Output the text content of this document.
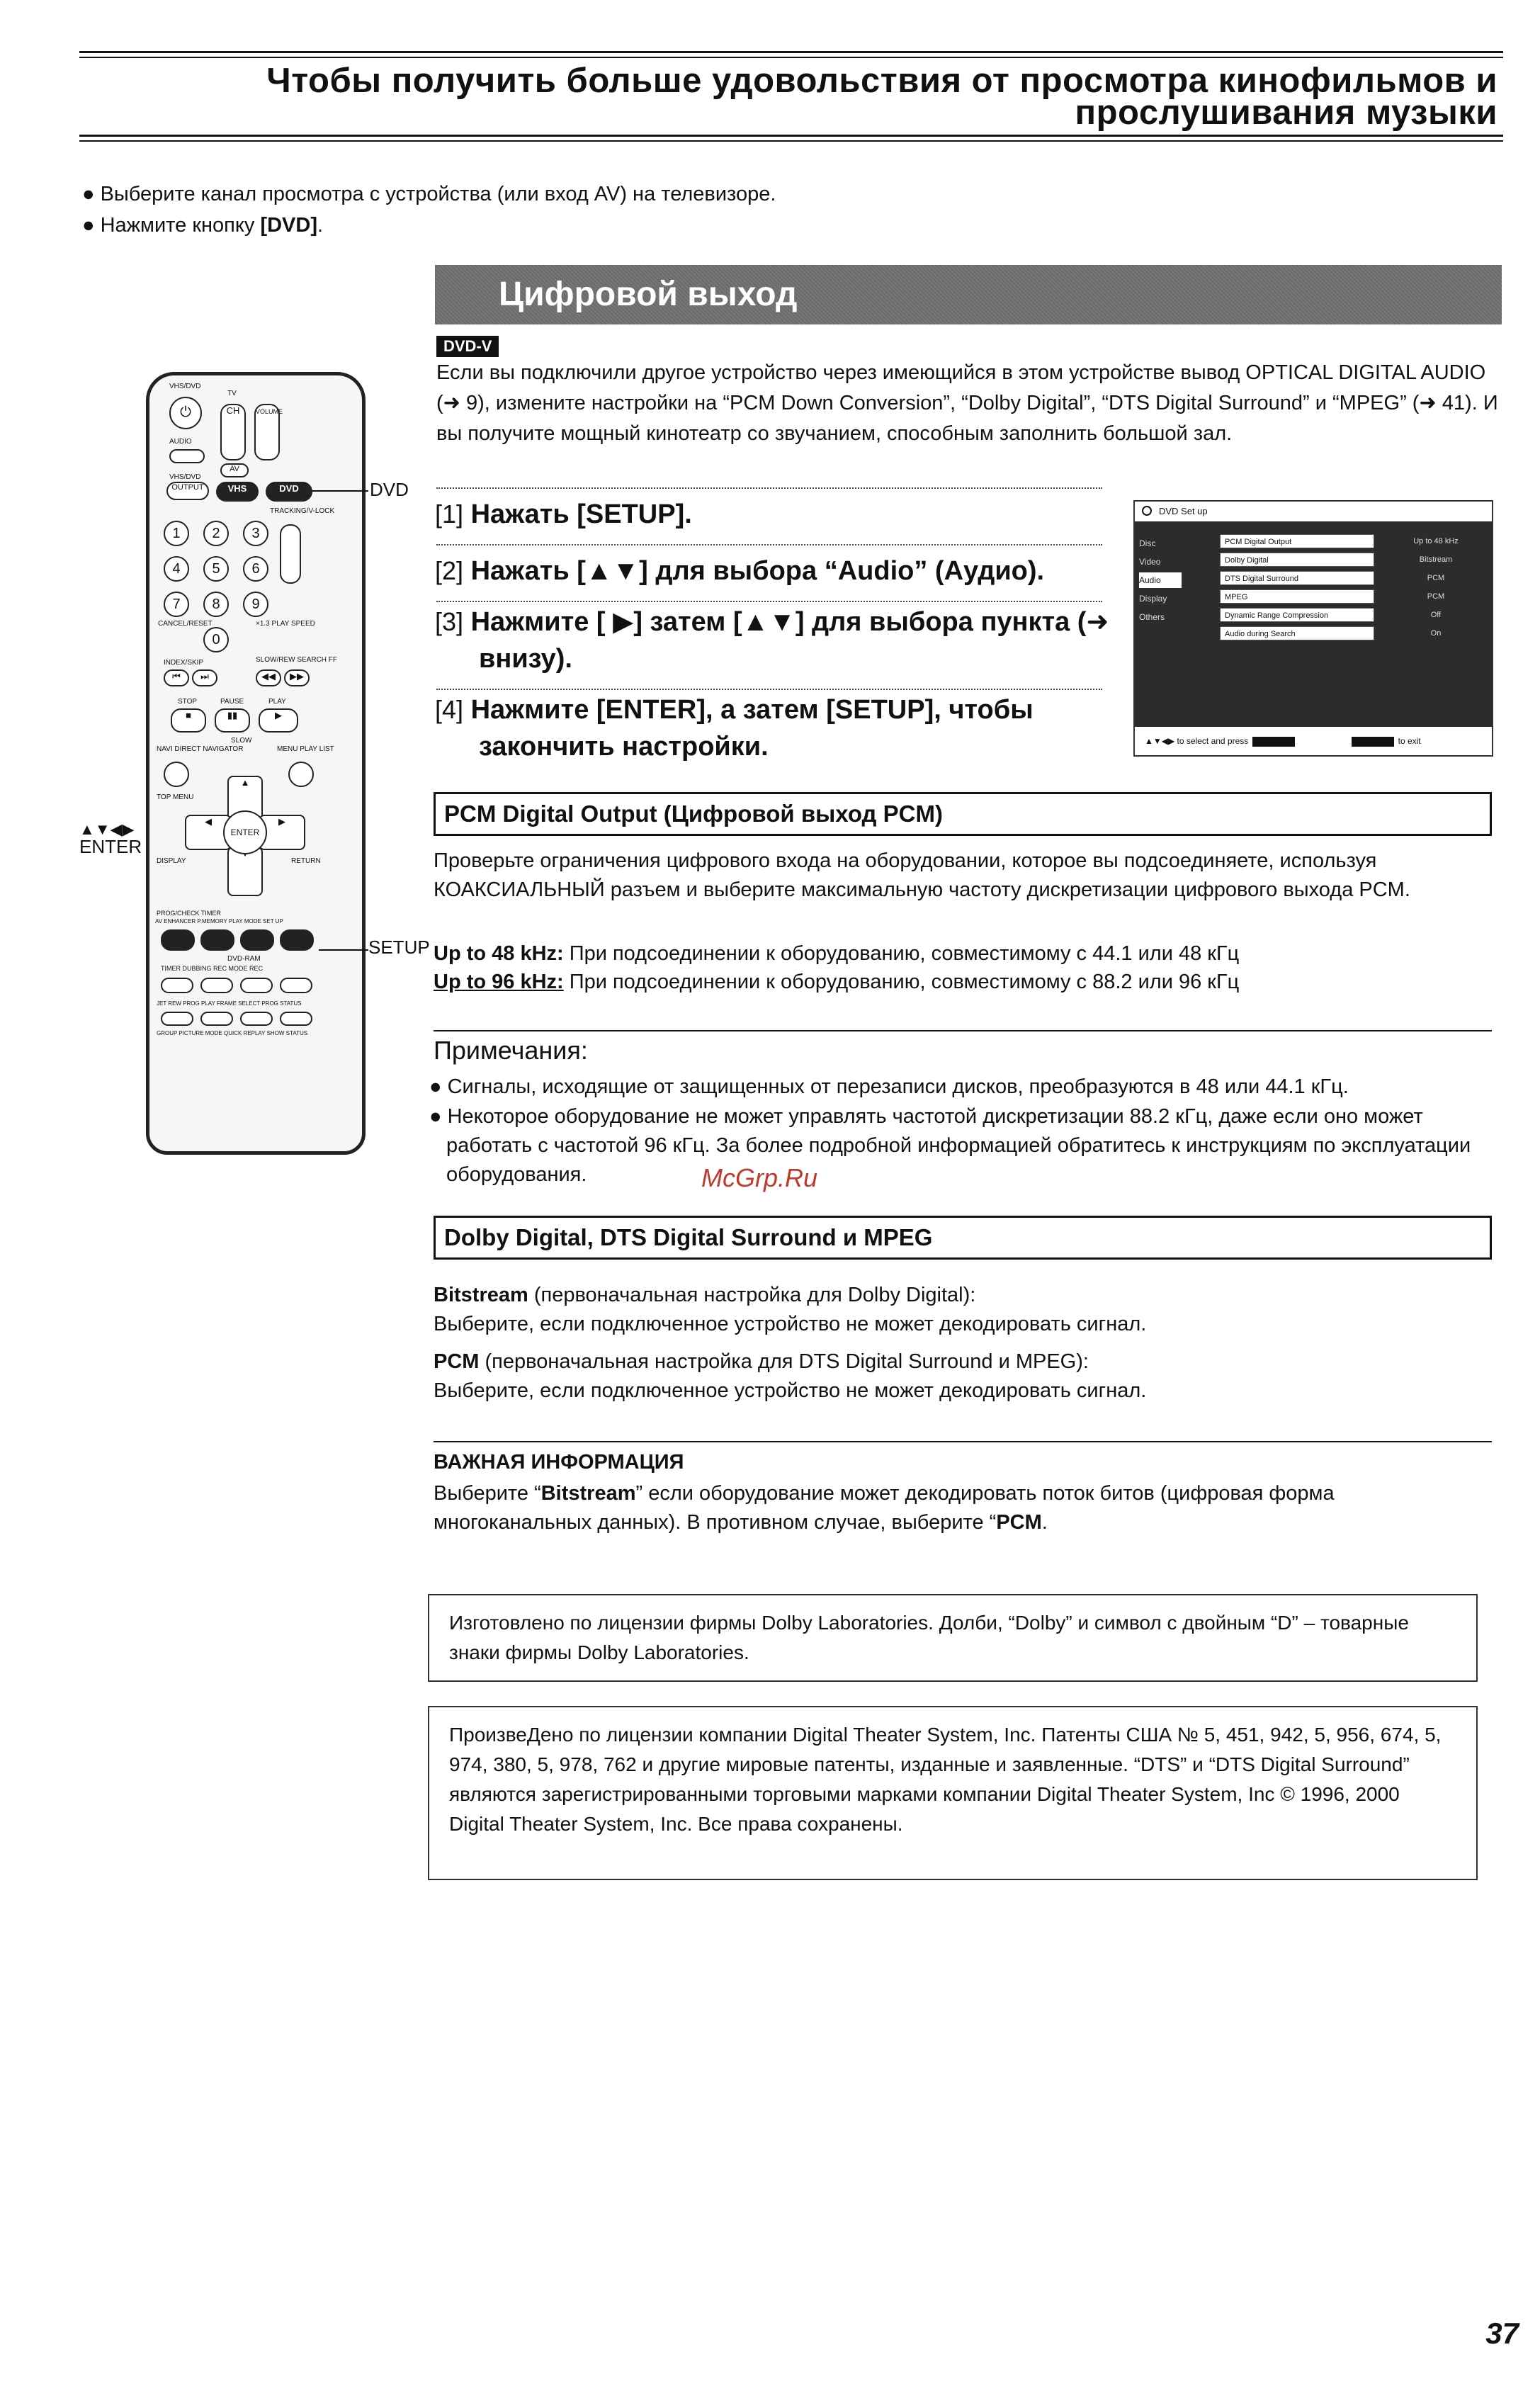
Чтобы получить больше удовольствия от просмотра кинофильмов и
прослушивания музыки
● Выберите канал просмотра с устройства (или вход AV) на телевизоре.
● Нажмите кнопку [DVD].
Цифровой выход
DVD-V
Если вы подключили другое устройство через имеющийся в этом устройстве вывод OPTICAL DIGITAL AUDIO (➜ 9), измените настройки на “PCM Down Conversion”, “Dolby Digital”, “DTS Digital Surround” и “MPEG” (➜ 41). И вы получите мощный кинотеатр со звучанием, способным заполнить большой зал.
[1] Нажать [SETUP].
[2] Нажать [▲▼] для выбора “Audio” (Аудио).
[3] Нажмите [ ▶] затем [▲▼] для выбора пункта (➜ внизу).
[4] Нажмите [ENTER], а затем [SETUP], чтобы закончить настройки.
DVD Set up
Disc
Video
Audio
Display
Others
PCM Digital Output	Up to 48 kHz
Dolby Digital	Bitstream
DTS Digital Surround	PCM
MPEG	PCM
Dynamic Range Compression	Off
Audio during Search	On
▲▼◀▶ to select and press	to exit
VHS/DVD
⏻
TV
CH	VOLUME
AUDIO
AV
VHS/DVD
OUTPUT	VHS	DVD
TRACKING/V-LOCK
1	2	3
4	5	6
7	8	9
0
CANCEL/RESET	×1.3 PLAY SPEED
INDEX/SKIP	SLOW/REW SEARCH FF
⏮	⏭	◀◀	▶▶
STOP	PAUSE	PLAY
■	▮▮	▶
NAVI DIRECT NAVIGATOR	MENU PLAY LIST
SLOW
TOP MENU
▲
◀	▶
ENTER
DISPLAY	RETURN
PROG/CHECK TIMER
AV ENHANCER P.MEMORY PLAY MODE SET UP
DVD-RAM
TIMER DUBBING REC MODE REC
JET REW PROG PLAY FRAME SELECT PROG STATUS
GROUP PICTURE MODE QUICK REPLAY SHOW STATUS
DVD
▲▼◀▶
ENTER
SETUP
PCM Digital Output (Цифровой выход PCM)
Проверьте ограничения цифрового входа на оборудовании, которое вы подсоединяете, используя КОАКСИАЛЬНЫЙ разъем и выберите максимальную частоту дискретизации цифрового выхода PCM.
Up to 48 kHz: При подсоединении к оборудованию, совместимому с 44.1 или 48 кГц
Up to 96 kHz: При подсоединении к оборудованию, совместимому с 88.2 или 96 кГц
Примечания:
● Сигналы, исходящие от защищенных от перезаписи дисков, преобразуются в 48 или 44.1 кГц.
● Некоторое оборудование не может управлять частотой дискретизации 88.2 кГц, даже если оно может работать с частотой 96 кГц. За более подробной информацией обратитесь к инструкциям по эксплуатации оборудования.	McGrp.Ru
Dolby Digital, DTS Digital Surround и MPEG
Bitstream (первоначальная настройка для Dolby Digital):
Выберите, если подключенное устройство не может декодировать сигнал.
PCM (первоначальная настройка для DTS Digital Surround и MPEG):
Выберите, если подключенное устройство не может декодировать сигнал.
ВАЖНАЯ ИНФОРМАЦИЯ
Выберите “Bitstream” если оборудование может декодировать поток битов (цифровая форма многоканальных данных). В противном случае, выберите “PCM.
Изготовлено по лицензии фирмы Dolby Laboratories. Долби, “Dolby” и символ с двойным “D” – товарные знаки фирмы Dolby Laboratories.
ПроизвеДено по лицензии компании Digital Theater System, Inc. Патенты США № 5, 451, 942, 5, 956, 674, 5, 974, 380, 5, 978, 762 и другие мировые патенты, изданные и заявленные. “DTS” и “DTS Digital Surround” являются зарегистрированными торговыми марками компании Digital Theater System, Inc © 1996, 2000 Digital Theater System, Inc. Все права сохранены.
37
